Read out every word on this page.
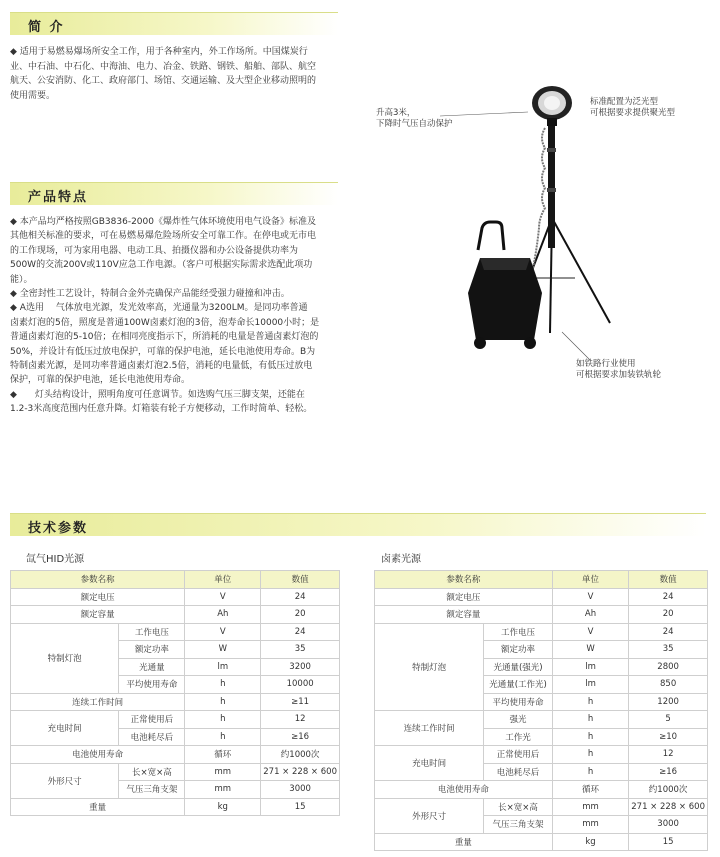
简 介

◆ 适用于易燃易爆场所安全工作，用于各种室内，外工作场所。中国煤炭行

业、中石油、中石化、中海油、电力、冶金、铁路、钢铁、船舶、部队、航空

航天、公安消防、化工、政府部门、场馆、交通运输、及大型企业移动照明的

使用需要。

产品特点

◆ 本产品均严格按照GB3836-2000《爆炸性气体环境使用电气设备》标准及

其他相关标准的要求，可在易燃易爆危险场所安全可靠工作。在停电或无市电

的工作现场，可为家用电器、电动工具、拍摄仪器和办公设备提供功率为

500W的交流200V或110V应急工作电源。（客户可根据实际需求选配此项功

能）。

◆ 全密封性工艺设计，特制合金外壳确保产品能经受强力碰撞和冲击。

◆ A选用　 气体放电光源，发光效率高，光通量为3200LM。是同功率普通

卤素灯泡的5倍，照度是普通100W卤素灯泡的3倍，泡寿命长10000小时；是

普通卤素灯泡的5-10倍；在相同亮度指示下，所消耗的电量是普通卤素灯泡的

50%，并设计有低压过放电保护，可靠的保护电池，延长电池使用寿命。B为

特制卤素光源，是同功率普通卤素灯泡2.5倍，消耗的电量低，有低压过放电

保护，可靠的保护电池，延长电池使用寿命。

◆　　灯头结构设计，照明角度可任意调节。如选购气压三脚支架，还能在

1.2-3米高度范围内任意升降。灯箱装有轮子方便移动，工作时简单、轻松。

升高3米，
下降时气压自动保护
标准配置为泛光型
可根据要求提供聚光型
如铁路行业使用
可根据要求加装铁轨轮
技术参数
氙气HID光源	卤素光源
参数名称		单位	数值
额定电压		V	24
额定容量		Ah	20
特制灯泡	工作电压	V	24
	额定功率	W	35
	光通量	lm	3200
	平均使用寿命	h	10000
连续工作时间		h	≥11
充电时间	正常使用后	h	12
	电池耗尽后	h	≥16
电池使用寿命		循环	约1000次
外形尺寸	长×宽×高	mm	271 × 228 × 600
	气压三角支架	mm	3000
重量		kg	15
参数名称		单位	数值
额定电压		V	24
额定容量		Ah	20
特制灯泡	工作电压	V	24
	额定功率	W	35
	光通量(强光)	lm	2800
	光通量(工作光)	lm	850
	平均使用寿命	h	1200
连续工作时间	强光	h	5
	工作光	h	≥10
充电时间	正常使用后	h	12
	电池耗尽后	h	≥16
电池使用寿命		循环	约1000次
外形尺寸	长×宽×高	mm	271 × 228 × 600
	气压三角支架	mm	3000
重量		kg	15
